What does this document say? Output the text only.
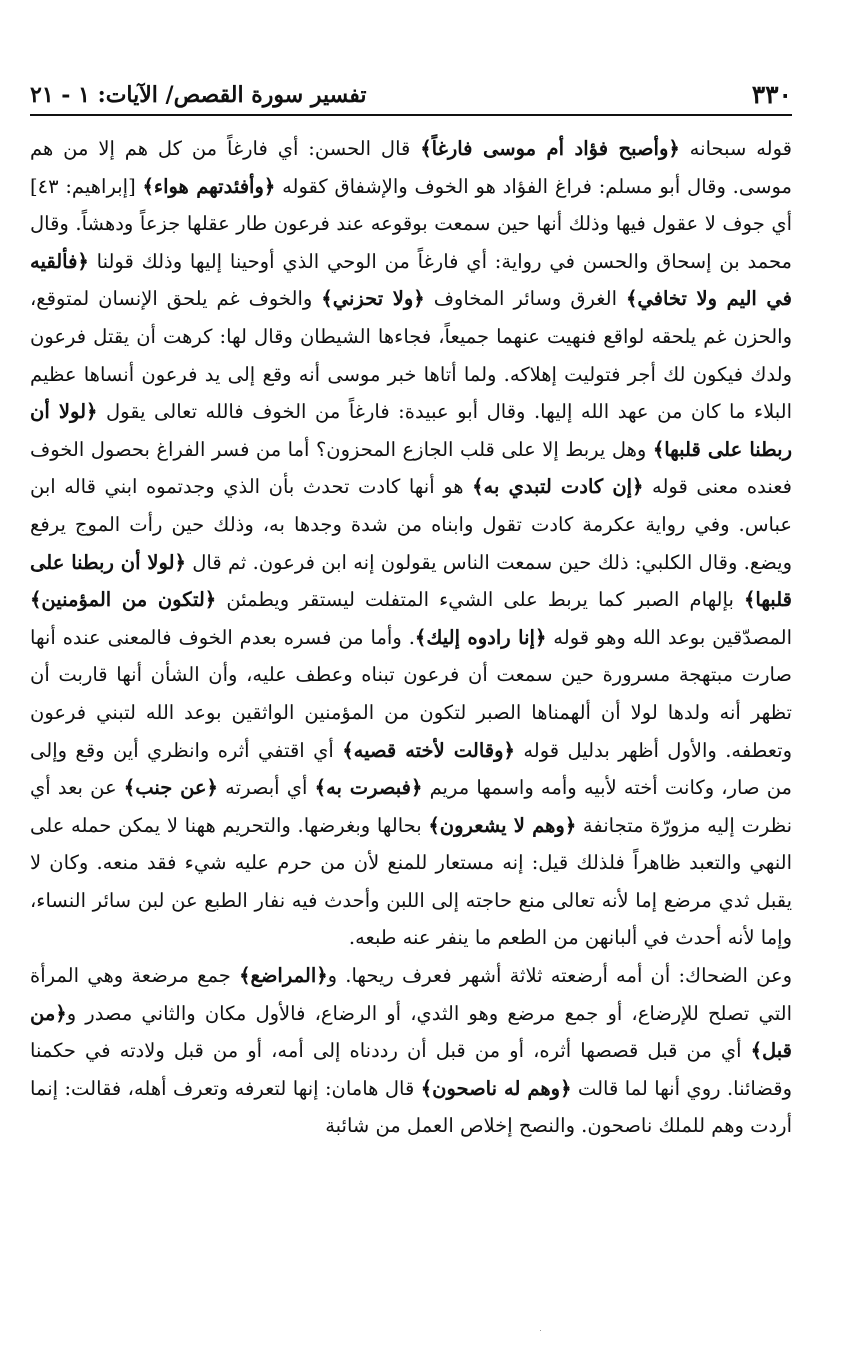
٣٣٠
تفسير سورة القصص/ الآيات: ١ - ٢١

قوله سبحانه ﴿وأصبح فؤاد أم موسى فارغاً﴾ قال الحسن: أي فارغاً من كل هم إلا من هم موسى. وقال أبو مسلم: فراغ الفؤاد هو الخوف والإشفاق كقوله ﴿وأفئدتهم هواء﴾ [إبراهيم: ٤٣] أي جوف لا عقول فيها وذلك أنها حين سمعت بوقوعه عند فرعون طار عقلها جزعاً ودهشاً. وقال محمد بن إسحاق والحسن في رواية: أي فارغاً من الوحي الذي أوحينا إليها وذلك قولنا ﴿فألقيه في اليم ولا تخافي﴾ الغرق وسائر المخاوف ﴿ولا تحزني﴾ والخوف غم يلحق الإنسان لمتوقع، والحزن غم يلحقه لواقع فنهيت عنهما جميعاً، فجاءها الشيطان وقال لها: كرهت أن يقتل فرعون ولدك فيكون لك أجر فتوليت إهلاكه. ولما أتاها خبر موسى أنه وقع إلى يد فرعون أنساها عظيم البلاء ما كان من عهد الله إليها. وقال أبو عبيدة: فارغاً من الخوف فالله تعالى يقول ﴿لولا أن ربطنا على قلبها﴾ وهل يربط إلا على قلب الجازع المحزون؟ أما من فسر الفراغ بحصول الخوف فعنده معنى قوله ﴿إن كادت لتبدي به﴾ هو أنها كادت تحدث بأن الذي وجدتموه ابني قاله ابن عباس. وفي رواية عكرمة كادت تقول وابناه من شدة وجدها به، وذلك حين رأت الموج يرفع ويضع. وقال الكلبي: ذلك حين سمعت الناس يقولون إنه ابن فرعون. ثم قال ﴿لولا أن ربطنا على قلبها﴾ بإلهام الصبر كما يربط على الشيء المتفلت ليستقر ويطمئن ﴿لتكون من المؤمنين﴾ المصدّقين بوعد الله وهو قوله ﴿إنا رادوه إليك﴾. وأما من فسره بعدم الخوف فالمعنى عنده أنها صارت مبتهجة مسرورة حين سمعت أن فرعون تبناه وعطف عليه، وأن الشأن أنها قاربت أن تظهر أنه ولدها لولا أن ألهمناها الصبر لتكون من المؤمنين الواثقين بوعد الله لتبني فرعون وتعطفه. والأول أظهر بدليل قوله ﴿وقالت لأخته قصيه﴾ أي اقتفي أثره وانظري أين وقع وإلى من صار، وكانت أخته لأبيه وأمه واسمها مريم ﴿فبصرت به﴾ أي أبصرته ﴿عن جنب﴾ عن بعد أي نظرت إليه مزورّة متجانفة ﴿وهم لا يشعرون﴾ بحالها وبغرضها. والتحريم ههنا لا يمكن حمله على النهي والتعبد ظاهراً فلذلك قيل: إنه مستعار للمنع لأن من حرم عليه شيء فقد منعه. وكان لا يقبل ثدي مرضع إما لأنه تعالى منع حاجته إلى اللبن وأحدث فيه نفار الطبع عن لبن سائر النساء، وإما لأنه أحدث في ألبانهن من الطعم ما ينفر عنه طبعه.

وعن الضحاك: أن أمه أرضعته ثلاثة أشهر فعرف ريحها. و﴿المراضع﴾ جمع مرضعة وهي المرأة التي تصلح للإرضاع، أو جمع مرضع وهو الثدي، أو الرضاع، فالأول مكان والثاني مصدر و﴿من قبل﴾ أي من قبل قصصها أثره، أو من قبل أن رددناه إلى أمه، أو من قبل ولادته في حكمنا وقضائنا. روي أنها لما قالت ﴿وهم له ناصحون﴾ قال هامان: إنها لتعرفه وتعرف أهله، فقالت: إنما أردت وهم للملك ناصحون. والنصح إخلاص العمل من شائبة
